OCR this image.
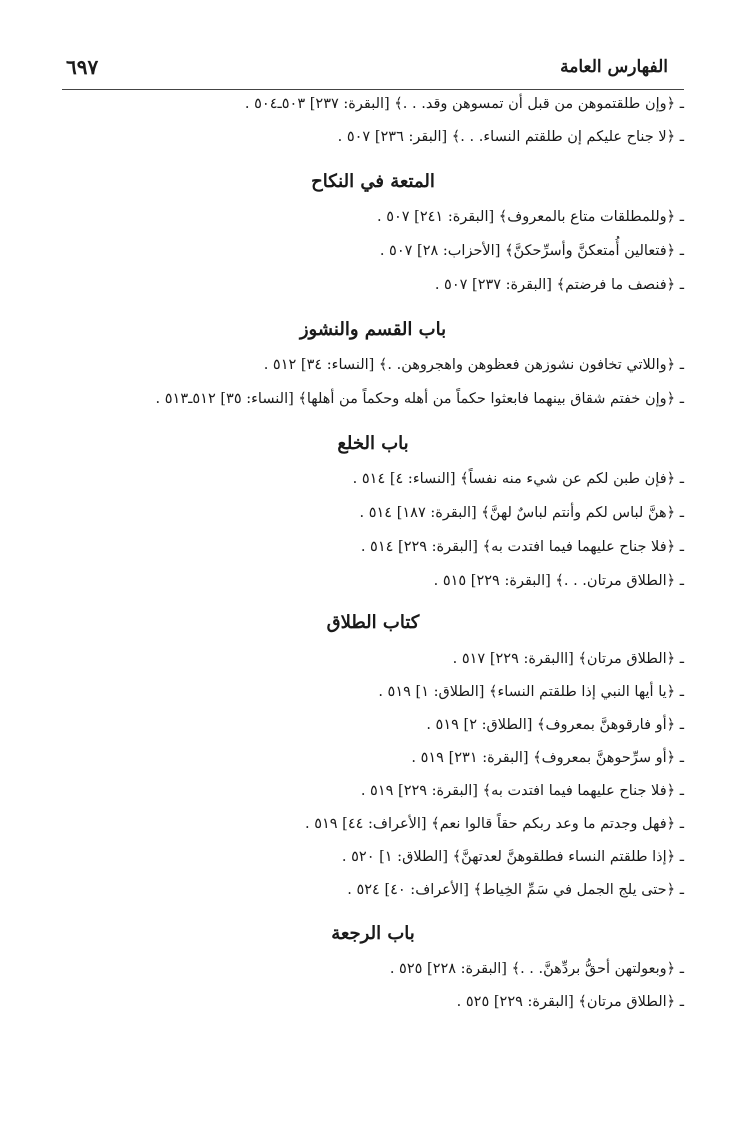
الفهارس العامة
٦٩٧
ـ ﴿وإن طلقتموهن من قبل أن تمسوهن وقد. . .﴾ [البقرة: ٢٣٧] ٥٠٣ـ٥٠٤ .
ـ ﴿لا جناح عليكم إن طلقتم النساء. . .﴾ [البقر: ٢٣٦] ٥٠٧ .
المتعة في النكاح
ـ ﴿وللمطلقات متاع بالمعروف﴾ [البقرة: ٢٤١] ٥٠٧ .
ـ ﴿فتعالين أُمتعكنَّ وأسرِّحكنَّ﴾ [الأحزاب: ٢٨] ٥٠٧ .
ـ ﴿فنصف ما فرضتم﴾ [البقرة: ٢٣٧] ٥٠٧ .
باب القسم والنشوز
ـ ﴿واللاتي تخافون نشوزهن فعظوهن واهجروهن. .﴾ [النساء: ٣٤] ٥١٢ .
ـ ﴿وإن خفتم شقاق بينهما فابعثوا حكماً من أهله وحكماً من أهلها﴾ [النساء: ٣٥] ٥١٢ـ٥١٣ .
باب الخلع
ـ ﴿فإن طبن لكم عن شيء منه نفساً﴾ [النساء: ٤] ٥١٤ .
ـ ﴿هنَّ لباس لكم وأنتم لباسٌ لهنَّ﴾ [البقرة: ١٨٧] ٥١٤ .
ـ ﴿فلا جناح عليهما فيما افتدت به﴾ [البقرة: ٢٢٩] ٥١٤ .
ـ ﴿الطلاق مرتان. . .﴾ [البقرة: ٢٢٩] ٥١٥ .
كتاب الطلاق
ـ ﴿الطلاق مرتان﴾ [االبقرة: ٢٢٩] ٥١٧ .
ـ ﴿يا أيها النبي إذا طلقتم النساء﴾ [الطلاق: ١] ٥١٩ .
ـ ﴿أو فارقوهنَّ بمعروف﴾ [الطلاق: ٢] ٥١٩ .
ـ ﴿أو سرِّحوهنَّ بمعروف﴾ [البقرة: ٢٣١] ٥١٩ .
ـ ﴿فلا جناح عليهما فيما افتدت به﴾ [البقرة: ٢٢٩] ٥١٩ .
ـ ﴿فهل وجدتم ما وعد ربكم حقاً قالوا نعم﴾ [الأعراف: ٤٤] ٥١٩ .
ـ ﴿إذا طلقتم النساء فطلقوهنَّ لعدتهنَّ﴾ [الطلاق: ١] ٥٢٠ .
ـ ﴿حتى يلج الجمل في سَمِّ الخِياط﴾ [الأعراف: ٤٠] ٥٢٤ .
باب الرجعة
ـ ﴿وبعولتهن أحقُّ بردِّهنَّ. . .﴾ [البقرة: ٢٢٨] ٥٢٥ .
ـ ﴿الطلاق مرتان﴾ [البقرة: ٢٢٩] ٥٢٥ .
